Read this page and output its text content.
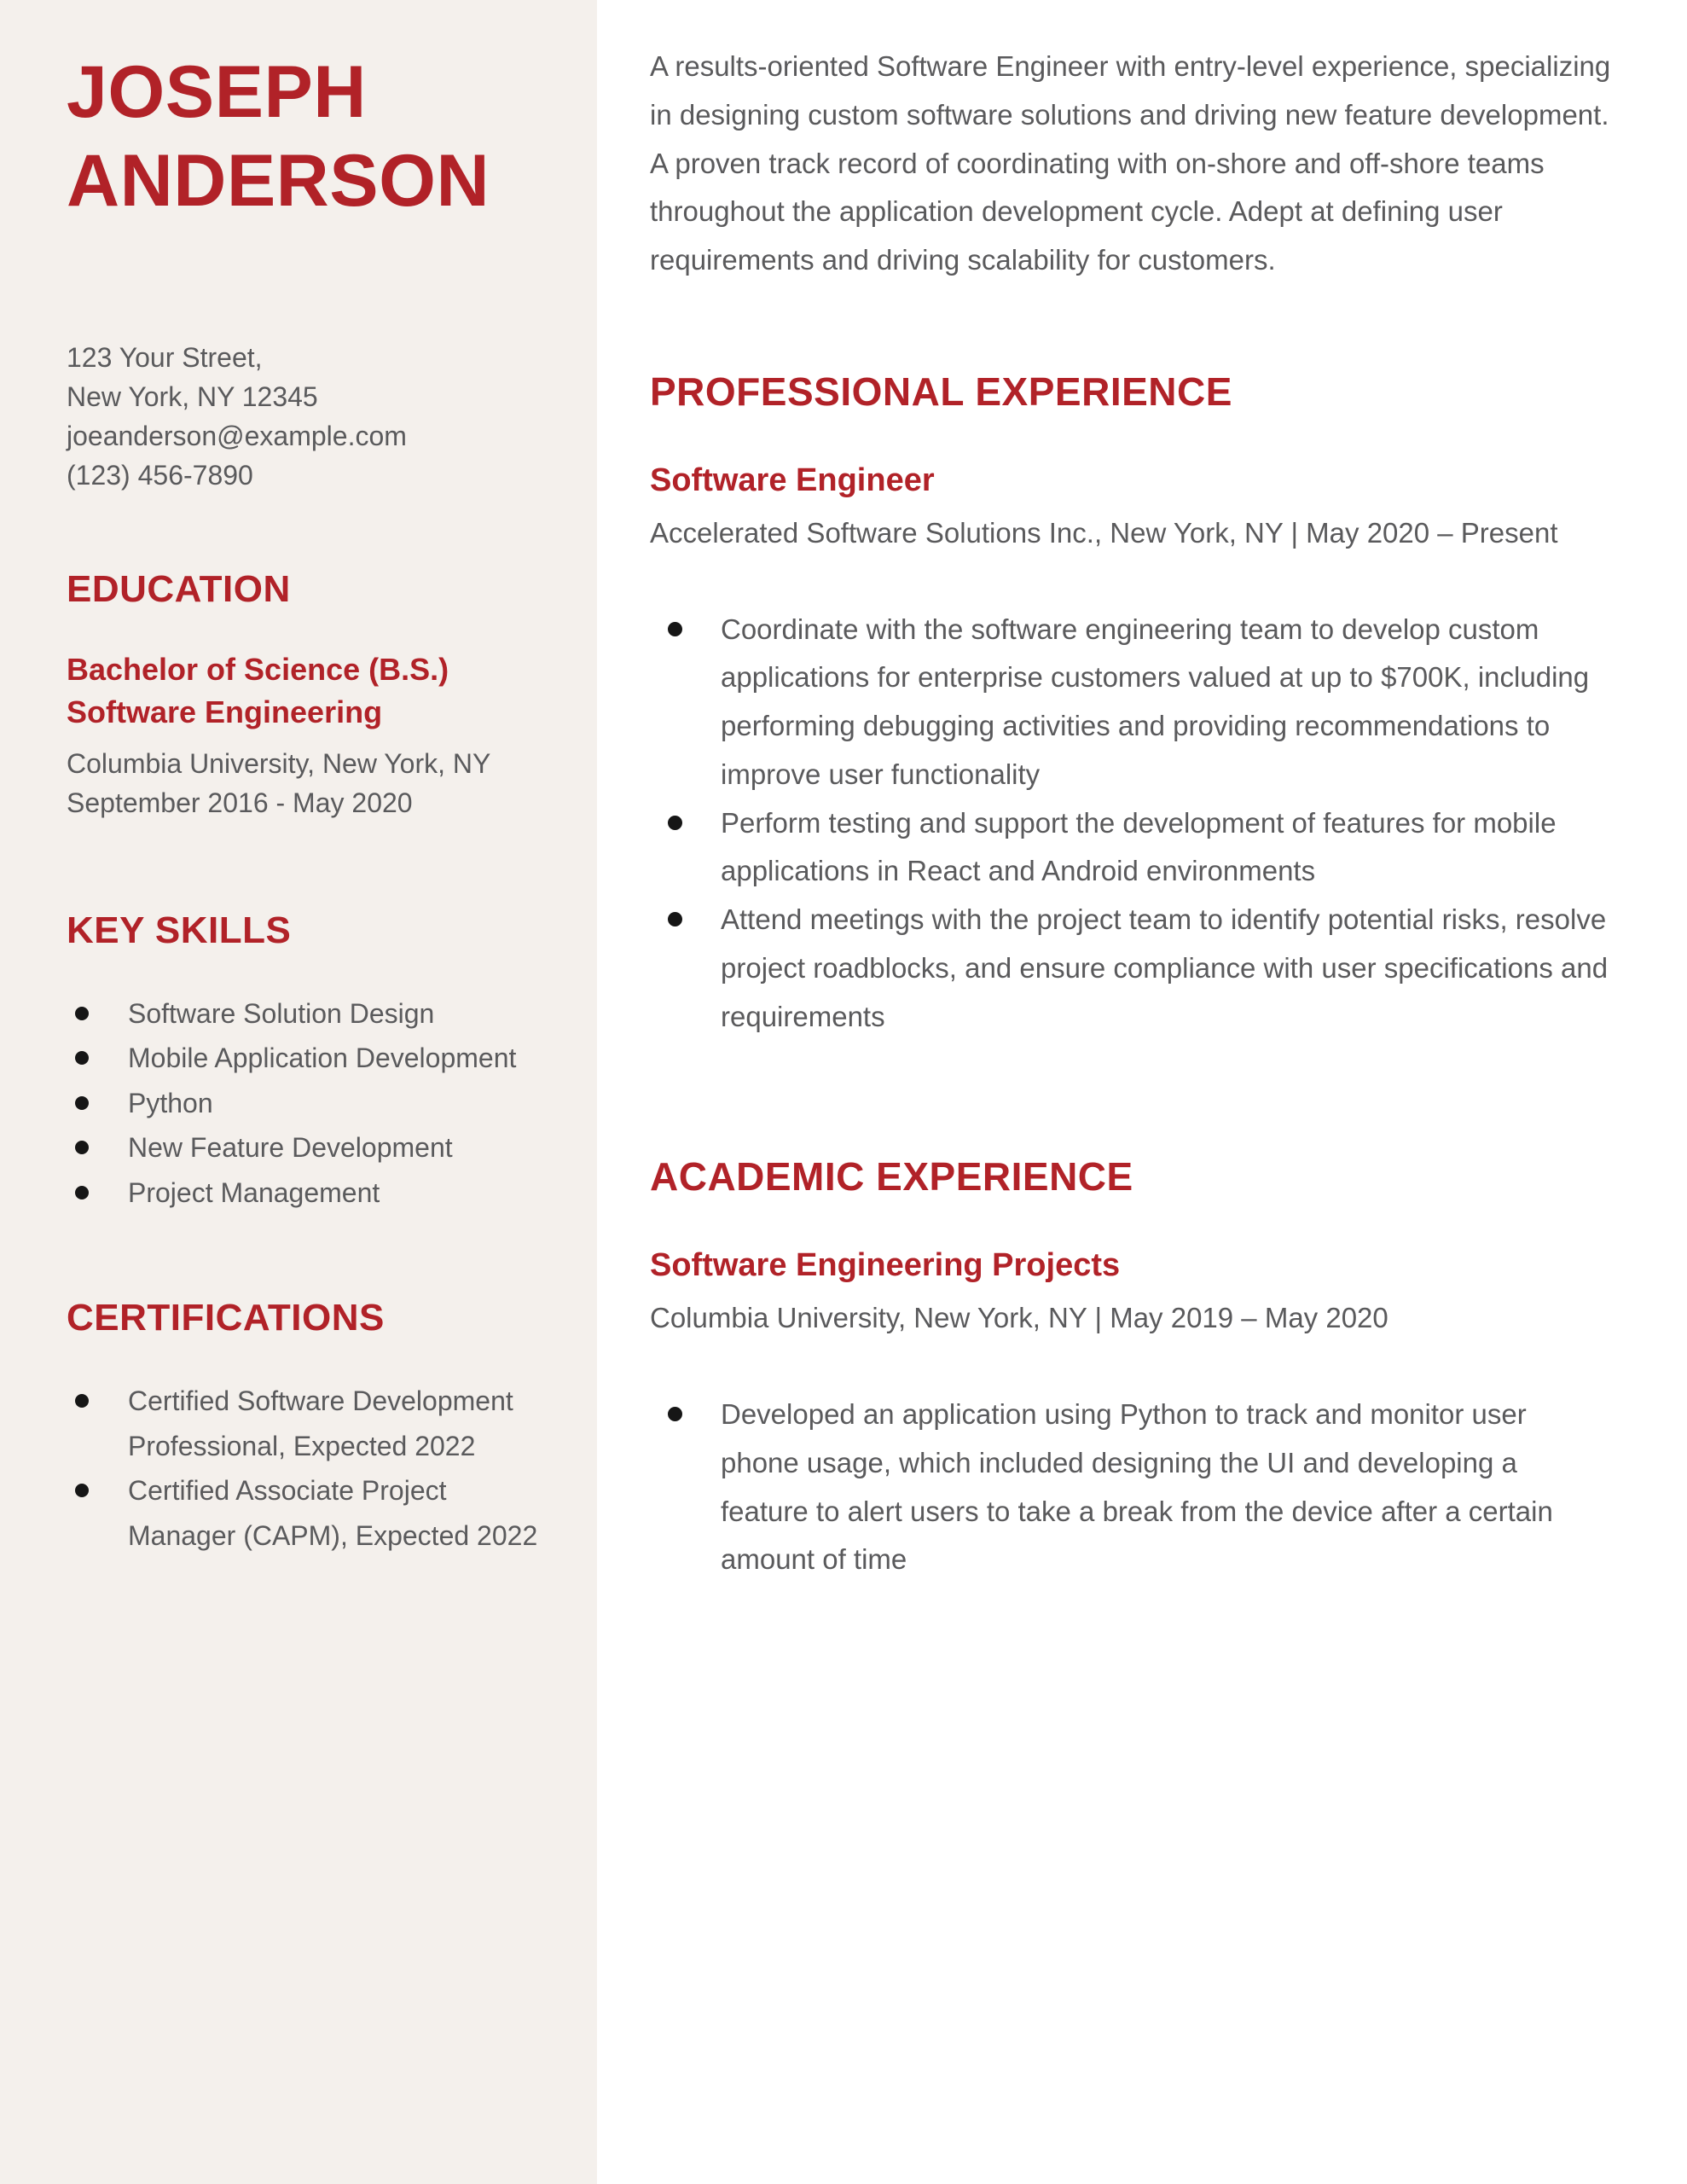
JOSEPH
ANDERSON
123 Your Street,
New York, NY 12345
joeanderson@example.com
(123) 456-7890
EDUCATION
Bachelor of Science (B.S.)
Software Engineering
Columbia University, New York, NY
September 2016 - May 2020
KEY SKILLS
Software Solution Design
Mobile Application Development
Python
New Feature Development
Project Management
CERTIFICATIONS
Certified Software Development Professional, Expected 2022
Certified Associate Project Manager (CAPM), Expected 2022

A results-oriented Software Engineer with entry-level experience, specializing in designing custom software solutions and driving new feature development. A proven track record of coordinating with on-shore and off-shore teams throughout the application development cycle. Adept at defining user requirements and driving scalability for customers.

PROFESSIONAL EXPERIENCE
Software Engineer
Accelerated Software Solutions Inc., New York, NY | May 2020 – Present
Coordinate with the software engineering team to develop custom applications for enterprise customers valued at up to $700K, including performing debugging activities and providing recommendations to improve user functionality
Perform testing and support the development of features for mobile applications in React and Android environments
Attend meetings with the project team to identify potential risks, resolve project roadblocks, and ensure compliance with user specifications and requirements
ACADEMIC EXPERIENCE
Software Engineering Projects
Columbia University, New York, NY | May 2019 – May 2020
Developed an application using Python to track and monitor user phone usage, which included designing the UI and developing a feature to alert users to take a break from the device after a certain amount of time
